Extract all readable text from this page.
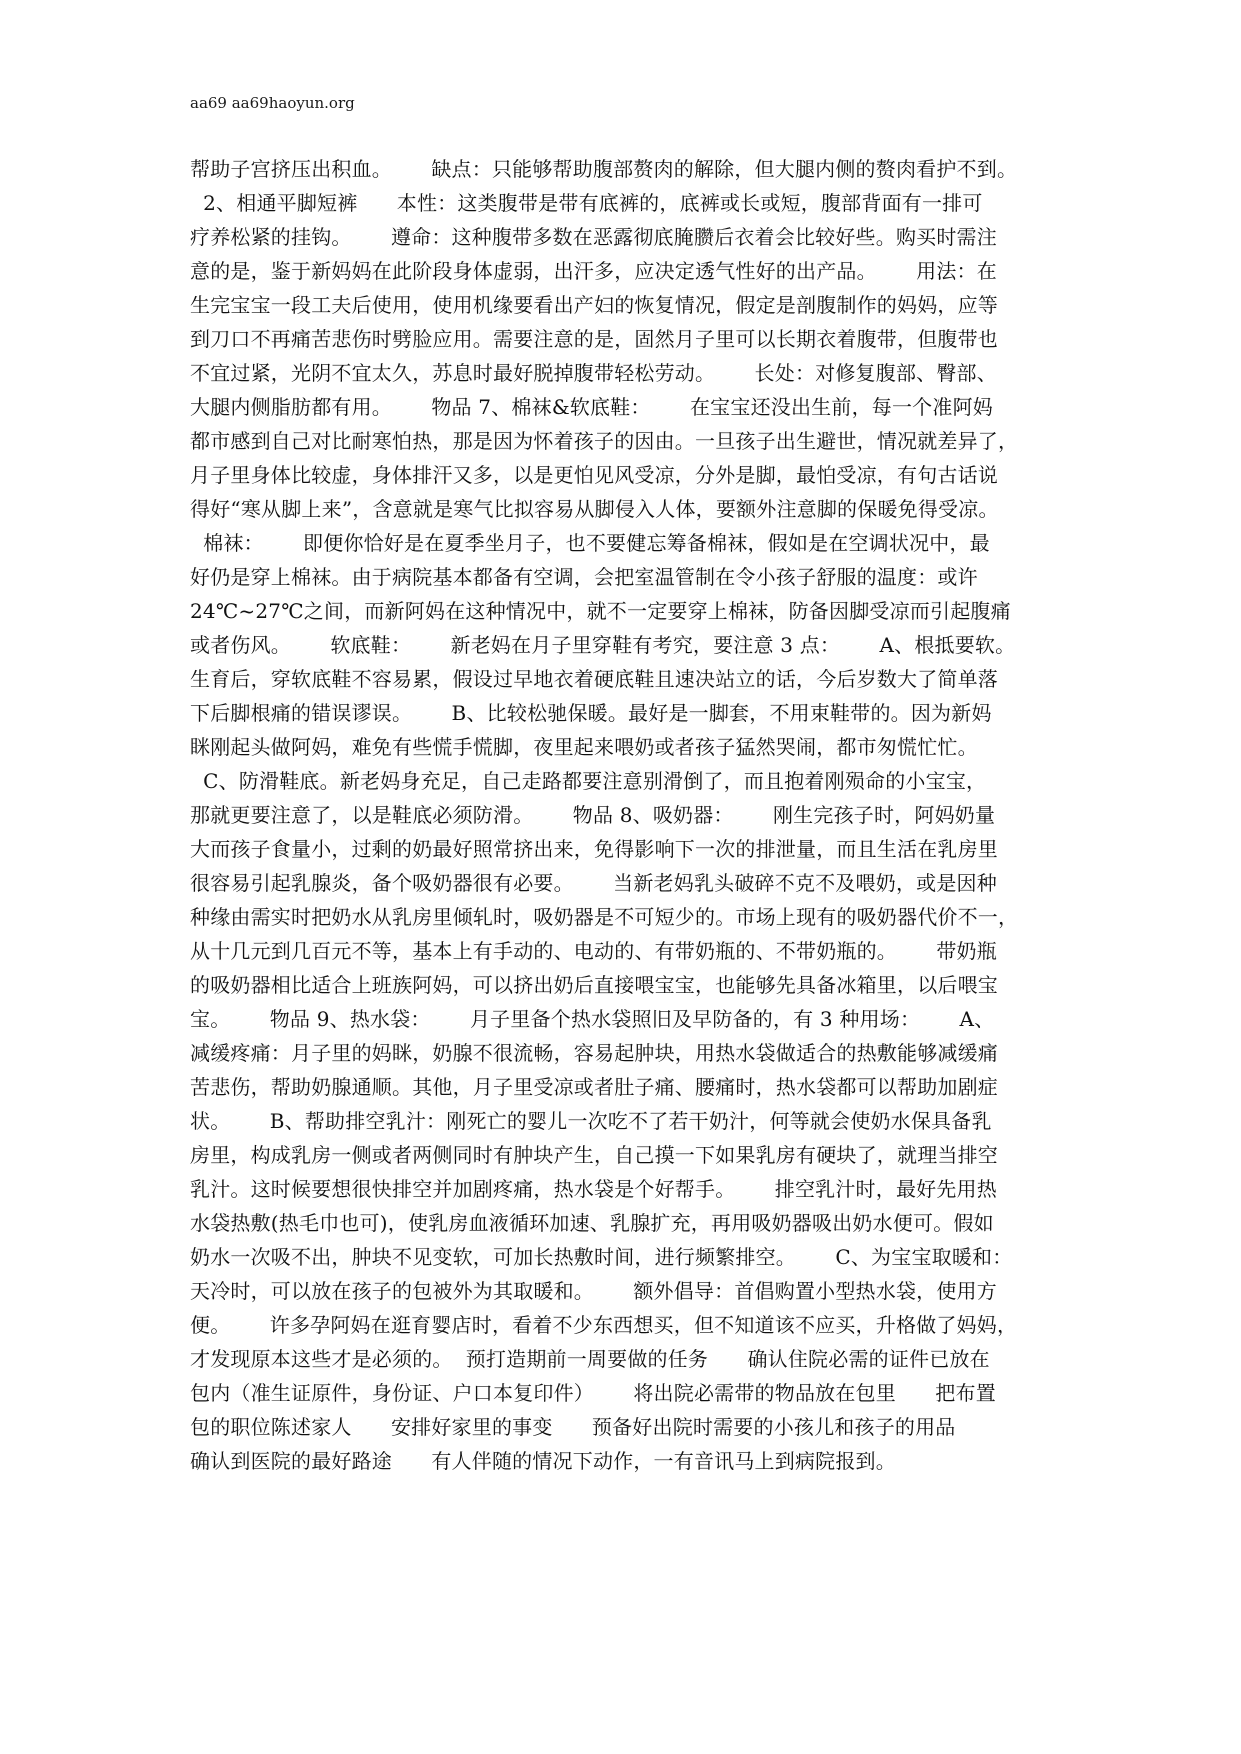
aa69 aa69haoyun.org
帮助子宫挤压出积血。      缺点：只能够帮助腹部赘肉的解除，但大腿内侧的赘肉看护不到。
2、相通平脚短裤      本性：这类腹带是带有底裤的，底裤或长或短，腹部背面有一排可
疗养松紧的挂钩。      遵命：这种腹带多数在恶露彻底腌臜后衣着会比较好些。购买时需注
意的是，鉴于新妈妈在此阶段身体虚弱，出汗多，应决定透气性好的出产品。      用法：在
生完宝宝一段工夫后使用，使用机缘要看出产妇的恢复情况，假定是剖腹制作的妈妈，应等
到刀口不再痛苦悲伤时劈脸应用。需要注意的是，固然月子里可以长期衣着腹带，但腹带也
不宜过紧，光阴不宜太久，苏息时最好脱掉腹带轻松劳动。      长处：对修复腹部、臀部、
大腿内侧脂肪都有用。      物品 7、棉袜&软底鞋：      在宝宝还没出生前，每一个准阿妈
都市感到自己对比耐寒怕热，那是因为怀着孩子的因由。一旦孩子出生避世，情况就差异了，
月子里身体比较虚，身体排汗又多，以是更怕见风受凉，分外是脚，最怕受凉，有句古话说
得好“寒从脚上来”，含意就是寒气比拟容易从脚侵入人体，要额外注意脚的保暖免得受凉。
棉袜：      即便你恰好是在夏季坐月子，也不要健忘筹备棉袜，假如是在空调状况中，最
好仍是穿上棉袜。由于病院基本都备有空调，会把室温管制在令小孩子舒服的温度：或许
24℃~27℃之间，而新阿妈在这种情况中，就不一定要穿上棉袜，防备因脚受凉而引起腹痛
或者伤风。      软底鞋：      新老妈在月子里穿鞋有考究，要注意 3 点：      A、根抵要软。
生育后，穿软底鞋不容易累，假设过早地衣着硬底鞋且速决站立的话，今后岁数大了简单落
下后脚根痛的错误谬误。      B、比较松驰保暖。最好是一脚套，不用束鞋带的。因为新妈
眯刚起头做阿妈，难免有些慌手慌脚，夜里起来喂奶或者孩子猛然哭闹，都市匆慌忙忙。
C、防滑鞋底。新老妈身充足，自己走路都要注意别滑倒了，而且抱着刚殒命的小宝宝，
那就更要注意了，以是鞋底必须防滑。      物品 8、吸奶器：      刚生完孩子时，阿妈奶量
大而孩子食量小，过剩的奶最好照常挤出来，免得影响下一次的排泄量，而且生活在乳房里
很容易引起乳腺炎，备个吸奶器很有必要。      当新老妈乳头破碎不克不及喂奶，或是因种
种缘由需实时把奶水从乳房里倾轧时，吸奶器是不可短少的。市场上现有的吸奶器代价不一，
从十几元到几百元不等，基本上有手动的、电动的、有带奶瓶的、不带奶瓶的。      带奶瓶
的吸奶器相比适合上班族阿妈，可以挤出奶后直接喂宝宝，也能够先具备冰箱里，以后喂宝
宝。      物品 9、热水袋：      月子里备个热水袋照旧及早防备的，有 3 种用场：      A、
减缓疼痛：月子里的妈眯，奶腺不很流畅，容易起肿块，用热水袋做适合的热敷能够减缓痛
苦悲伤，帮助奶腺通顺。其他，月子里受凉或者肚子痛、腰痛时，热水袋都可以帮助加剧症
状。      B、帮助排空乳汁：刚死亡的婴儿一次吃不了若干奶汁，何等就会使奶水保具备乳
房里，构成乳房一侧或者两侧同时有肿块产生，自己摸一下如果乳房有硬块了，就理当排空
乳汁。这时候要想很快排空并加剧疼痛，热水袋是个好帮手。      排空乳汁时，最好先用热
水袋热敷(热毛巾也可)，使乳房血液循环加速、乳腺扩充，再用吸奶器吸出奶水便可。假如
奶水一次吸不出，肿块不见变软，可加长热敷时间，进行频繁排空。      C、为宝宝取暖和：
天冷时，可以放在孩子的包被外为其取暖和。      额外倡导：首倡购置小型热水袋，使用方
便。      许多孕阿妈在逛育婴店时，看着不少东西想买，但不知道该不应买，升格做了妈妈，
才发现原本这些才是必须的。  预打造期前一周要做的任务      确认住院必需的证件已放在
包内（准生证原件，身份证、户口本复印件）      将出院必需带的物品放在包里      把布置
包的职位陈述家人      安排好家里的事变      预备好出院时需要的小孩儿和孩子的用品
确认到医院的最好路途      有人伴随的情况下动作，一有音讯马上到病院报到。
